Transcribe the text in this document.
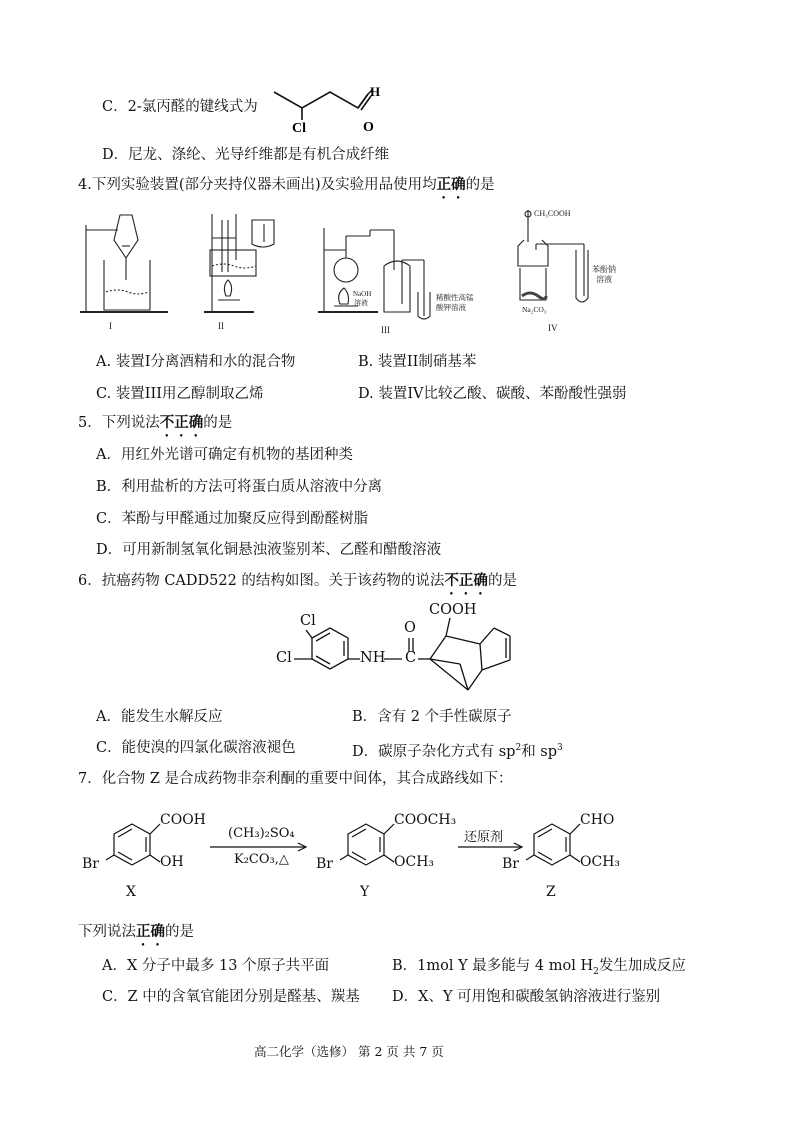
C．2-氯丙醛的键线式为
Cl	O
H
D．尼龙、涤纶、光导纤维都是有机合成纤维
4.下列实验装置(部分夹持仪器未画出)及实验用品使用均正确的是
I	II
NaOH
溶液
稀酸性高锰
酸钾溶液
III
CH₃COOH
苯酚钠
溶液
Na₂CO₃
IV
A. 装置Ⅰ分离酒精和水的混合物	B. 装置II制硝基苯
C. 装置III用乙醇制取乙烯	D. 装置IV比较乙酸、碳酸、苯酚酸性强弱
5．下列说法不正确的是
A．用红外光谱可确定有机物的基团种类
B．利用盐析的方法可将蛋白质从溶液中分离
C．苯酚与甲醛通过加聚反应得到酚醛树脂
D．可用新制氢氧化铜悬浊液鉴别苯、乙醛和醋酸溶液
6．抗癌药物 CADD522 的结构如图。关于该药物的说法不正确的是
Cl
Cl	NH C
O
COOH
A．能发生水解反应	B．含有 2 个手性碳原子
C．能使溴的四氯化碳溶液褪色	D．碳原子杂化方式有 $sp^2$和 $sp^3$
7．化合物 Z 是合成药物非奈利酮的重要中间体，其合成路线如下：
COOH
OH
Br
X
(CH₃)₂SO₄
K₂CO₃,△
COOCH₃
OCH₃
Br
Y
还原剂
CHO
OCH₃
Br
Z
下列说法正确的是
A．X 分子中最多 13 个原子共平面	B．1mol Y 最多能与 4 mol $H_2$发生加成反应
C．Z 中的含氧官能团分别是醛基、羰基 D．X、Y 可用饱和碳酸氢钠溶液进行鉴别
高二化学（选修） 第 2 页 共 7 页
